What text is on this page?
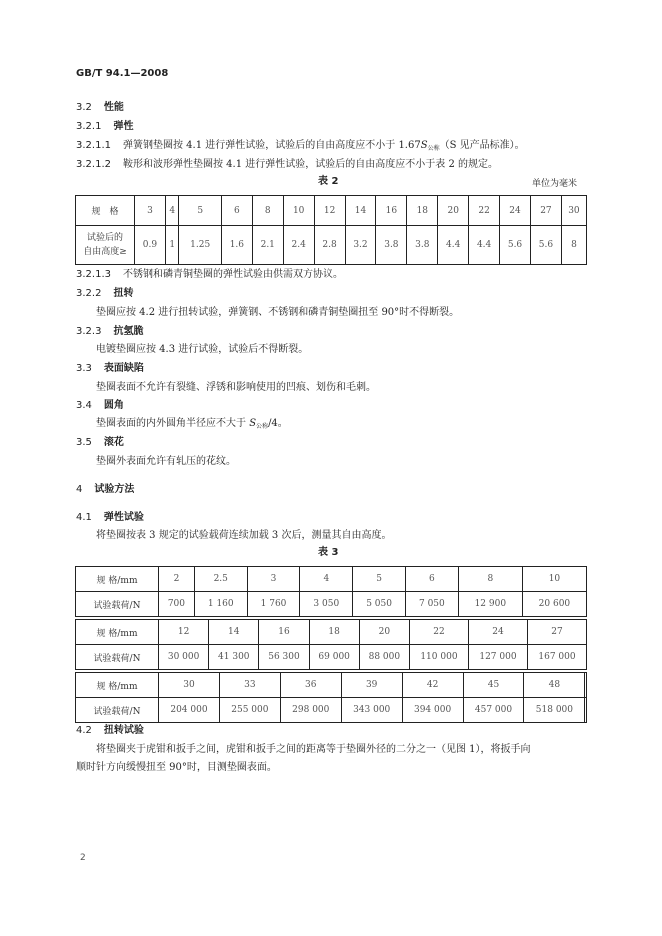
GB/T 94.1—2008
3.2 性能
3.2.1 弹性
3.2.1.1 弹簧钢垫圈按 4.1 进行弹性试验，试验后的自由高度应不小于 $1.67S_{公称}(S$ 见产品标准）。
3.2.1.2 鞍形和波形弹性垫圈按 4.1 进行弹性试验，试验后的自由高度应不小于表 2 的规定。
表 2	单位为毫米
规　格	3	4	5	6	8	10	12	14	16	18	20	22	24	27	30

试验后的
自由高度≥	0.9	1	1.25	1.6	2.1	2.4	2.8	3.2	3.8	3.8	4.4	4.4	5.6	5.6	8
3.2.1.3 不锈钢和磷青铜垫圈的弹性试验由供需双方协议。
3.2.2 扭转
垫圈应按 4.2 进行扭转试验，弹簧钢、不锈钢和磷青铜垫圈扭至 90°时不得断裂。
3.2.3 抗氢脆
电镀垫圈应按 4.3 进行试验，试验后不得断裂。
3.3 表面缺陷
垫圈表面不允许有裂缝、浮锈和影响使用的凹痕、划伤和毛刺。
3.4 圆角
垫圈表面的内外圆角半径应不大于 $S_{公称}/4$。
3.5 滚花
垫圈外表面允许有轧压的花纹。
4 试验方法
4.1 弹性试验
将垫圈按表 3 规定的试验载荷连续加载 3 次后，测量其自由高度。
表 3
规 格/mm	2	2.5	3	4	5	6	8	10
试验载荷/N	700	1 160	1 760	3 050	5 050	7 050	12 900	20 600
规 格/mm	12	14	16	18	20	22	24	27
试验载荷/N	30 000	41 300	56 300	69 000	88 000	110 000	127 000	167 000
规 格/mm	30	33	36	39	42	45	48	
试验载荷/N	204 000	255 000	298 000	343 000	394 000	457 000	518 000	
4.2 扭转试验
将垫圈夹于虎钳和扳手之间，虎钳和扳手之间的距离等于垫圈外径的二分之一（见图 1），将扳手向
顺时针方向缓慢扭至 90°时，目测垫圈表面。
2
